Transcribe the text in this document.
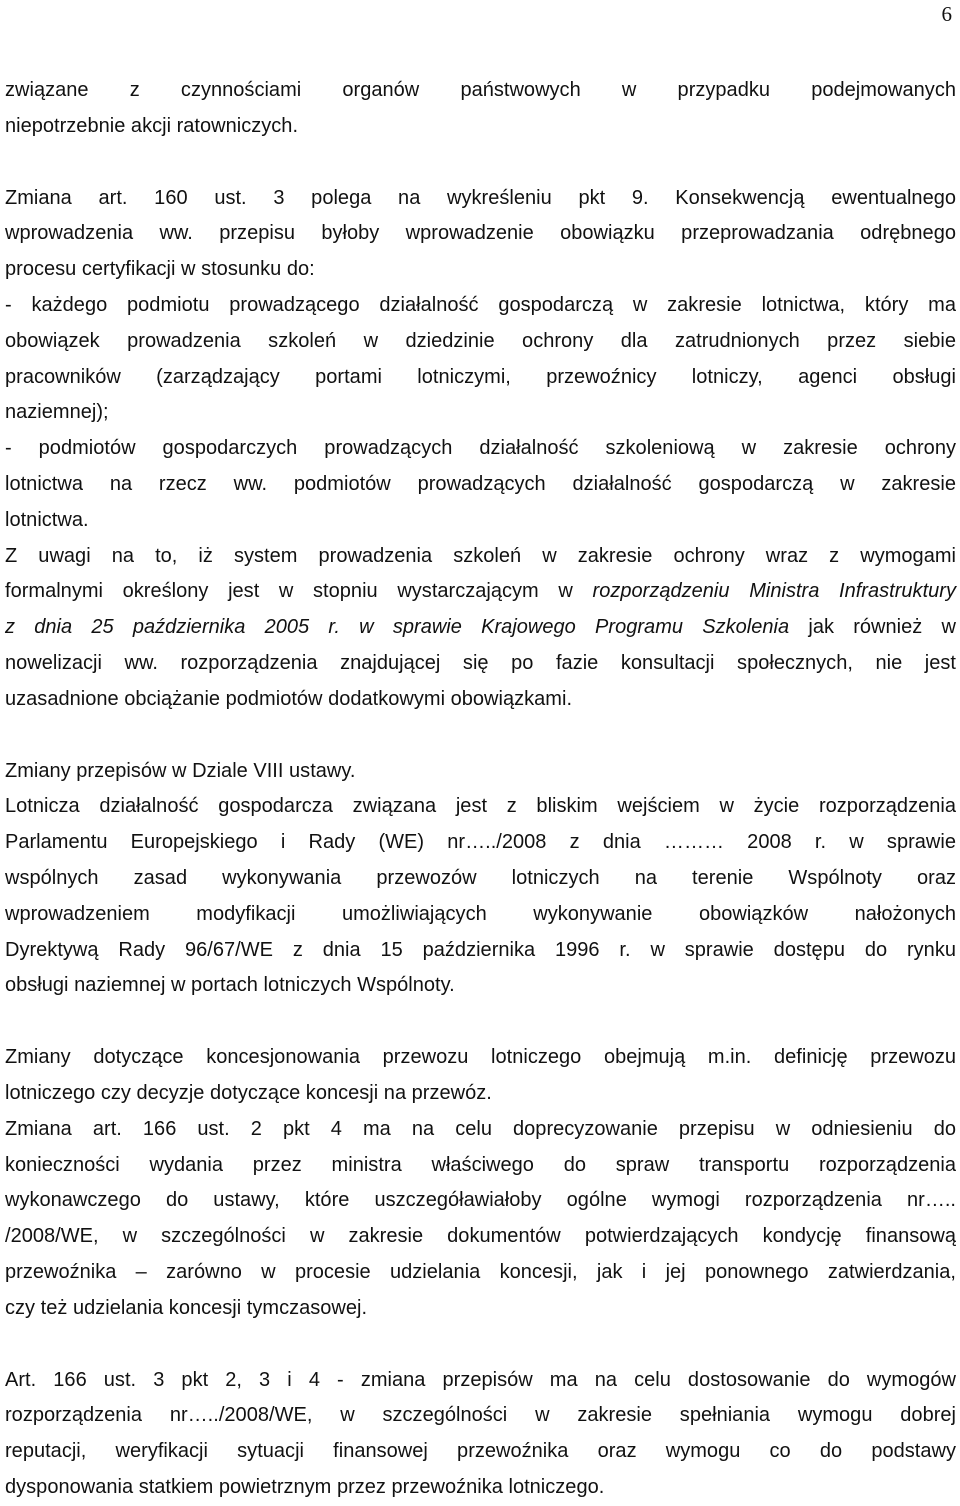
6

związane z czynnościami organów państwowych w przypadku podejmowanych
niepotrzebnie akcji ratowniczych.

Zmiana art. 160 ust. 3 polega na wykreśleniu pkt 9. Konsekwencją ewentualnego
wprowadzenia ww. przepisu byłoby wprowadzenie obowiązku przeprowadzania odrębnego
procesu certyfikacji w stosunku do:
- każdego podmiotu prowadzącego działalność gospodarczą w zakresie lotnictwa, który ma
obowiązek prowadzenia szkoleń w dziedzinie ochrony dla zatrudnionych przez siebie
pracowników (zarządzający portami lotniczymi, przewoźnicy lotniczy, agenci obsługi
naziemnej);
- podmiotów gospodarczych prowadzących działalność szkoleniową w zakresie ochrony
lotnictwa na rzecz ww. podmiotów prowadzących działalność gospodarczą w zakresie
lotnictwa.

Z uwagi na to, iż system prowadzenia szkoleń w zakresie ochrony wraz z wymogami
formalnymi określony jest w stopniu wystarczającym w rozporządzeniu Ministra Infrastruktury
z dnia 25 października 2005 r. w sprawie Krajowego Programu Szkolenia jak również w
nowelizacji ww. rozporządzenia znajdującej się po fazie konsultacji społecznych, nie jest
uzasadnione obciążanie podmiotów dodatkowymi obowiązkami.

Zmiany przepisów w Dziale VIII ustawy.
Lotnicza działalność gospodarcza związana jest z bliskim wejściem w życie rozporządzenia
Parlamentu Europejskiego i Rady (WE) nr…../2008 z dnia ……… 2008 r. w sprawie
wspólnych zasad wykonywania przewozów lotniczych na terenie Wspólnoty oraz
wprowadzeniem modyfikacji umożliwiających wykonywanie obowiązków nałożonych
Dyrektywą Rady 96/67/WE z dnia 15 października 1996 r. w sprawie dostępu do rynku
obsługi naziemnej w portach lotniczych Wspólnoty.

Zmiany dotyczące koncesjonowania przewozu lotniczego obejmują m.in. definicję przewozu
lotniczego czy decyzje dotyczące koncesji na przewóz.
Zmiana art. 166 ust. 2 pkt 4 ma na celu doprecyzowanie przepisu w odniesieniu do
konieczności wydania przez ministra właściwego do spraw transportu rozporządzenia
wykonawczego do ustawy, które uszczegóławiałoby ogólne wymogi rozporządzenia nr…..
/2008/WE, w szczególności w zakresie dokumentów potwierdzających kondycję finansową
przewoźnika – zarówno w procesie udzielania koncesji, jak i jej ponownego zatwierdzania,
czy też udzielania koncesji tymczasowej.

Art. 166 ust. 3 pkt 2, 3 i 4 - zmiana przepisów ma na celu dostosowanie do wymogów
rozporządzenia nr…../2008/WE, w szczególności w zakresie spełniania wymogu dobrej
reputacji, weryfikacji sytuacji finansowej przewoźnika oraz wymogu co do podstawy
dysponowania statkiem powietrznym przez przewoźnika lotniczego.
